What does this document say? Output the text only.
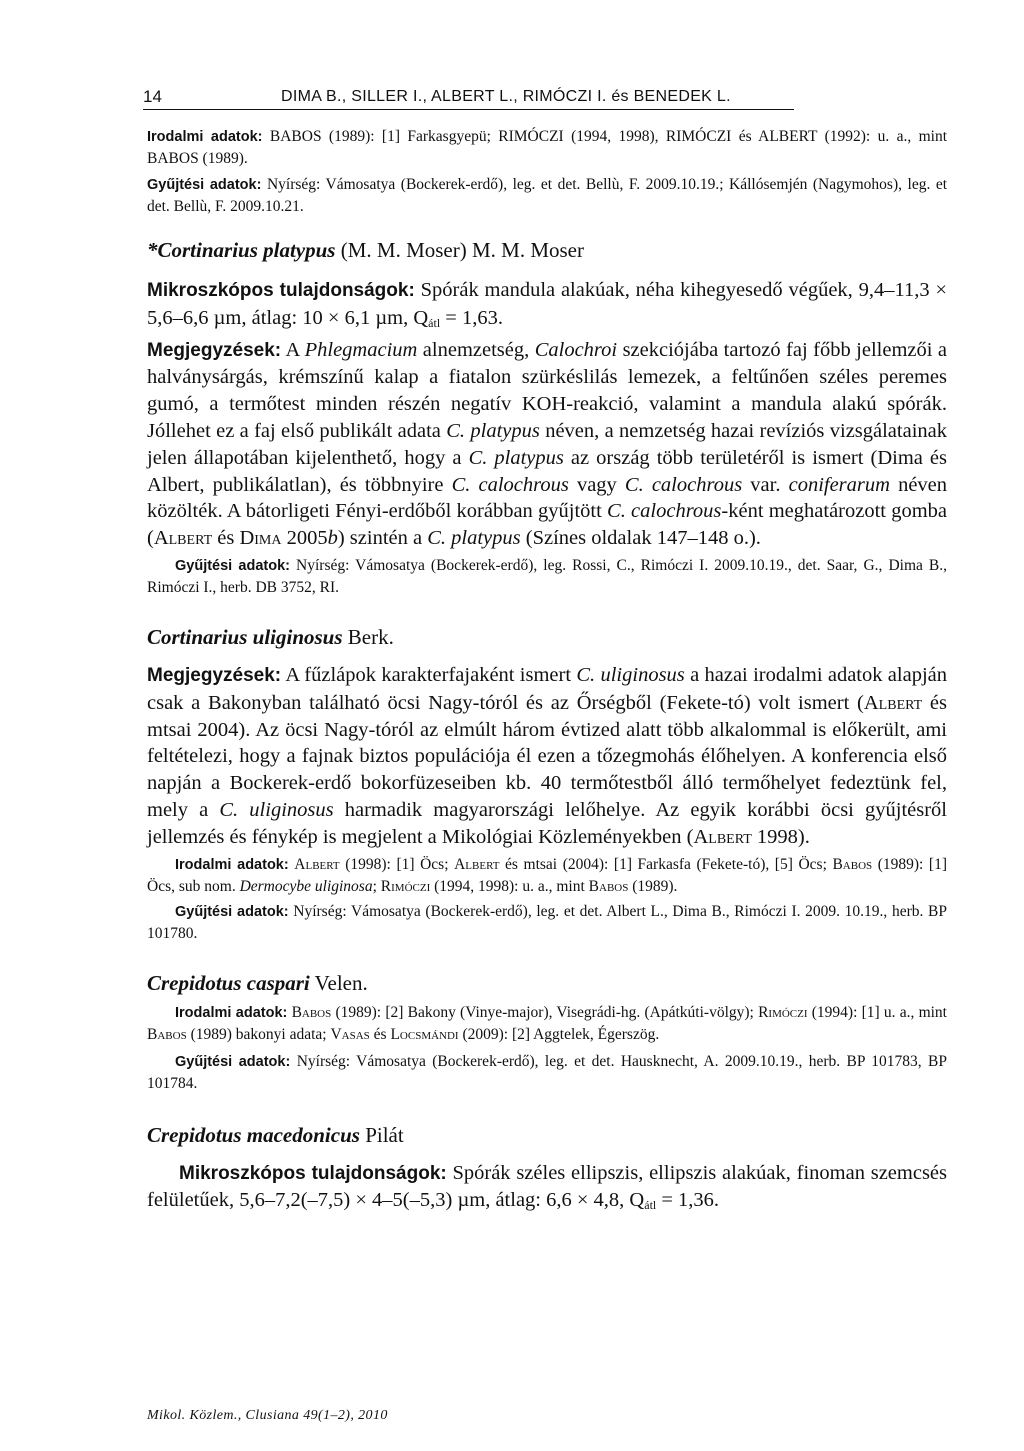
14	DIMA B., SILLER I., ALBERT L., RIMÓCZI I. és BENEDEK L.

Irodalmi adatok: BABOS (1989): [1] Farkasgyepü; RIMÓCZI (1994, 1998), RIMÓCZI és ALBERT (1992): u. a., mint BABOS (1989).

Gyűjtési adatok: Nyírség: Vámosatya (Bockerek-erdő), leg. et det. Bellù, F. 2009.10.19.; Kállósemjén (Nagymohos), leg. et det. Bellù, F. 2009.10.21.

*Cortinarius platypus (M. M. Moser) M. M. Moser

Mikroszkópos tulajdonságok: Spórák mandula alakúak, néha kihegyesedő végűek, 9,4–11,3 × 5,6–6,6 µm, átlag: 10 × 6,1 µm, $Q_{átl} = 1,63$.

Megjegyzések: A Phlegmacium alnemzetség, Calochroi szekciójába tartozó faj főbb jellemzői a halványsárgás, krémszínű kalap a fiatalon szürkéslilás lemezek, a feltűnően széles peremes gumó, a termőtest minden részén negatív KOH-reakció, valamint a mandula alakú spórák. Jóllehet ez a faj első publikált adata C. platypus néven, a nemzetség hazai revíziós vizsgálatainak jelen állapotában kijelenthető, hogy a C. platypus az ország több területéről is ismert (Dima és Albert, publikálatlan), és többnyire C. calochrous vagy C. calochrous var. coniferarum néven közölték. A bátorligeti Fényi-erdőből korábban gyűjtött C. calochrous-ként meghatározott gomba (Albert és Dima 2005b) szintén a C. platypus (Színes oldalak 147–148 o.).

Gyűjtési adatok: Nyírség: Vámosatya (Bockerek-erdő), leg. Rossi, C., Rimóczi I. 2009.10.19., det. Saar, G., Dima B., Rimóczi I., herb. DB 3752, RI.

Cortinarius uliginosus Berk.

Megjegyzések: A fűzlápok karakterfajaként ismert C. uliginosus a hazai irodalmi adatok alapján csak a Bakonyban található öcsi Nagy-tóról és az Őrségből (Fekete-tó) volt ismert (Albert és mtsai 2004). Az öcsi Nagy-tóról az elmúlt három évtized alatt több alkalommal is előkerült, ami feltételezi, hogy a fajnak biztos populációja él ezen a tőzegmohás élőhelyen. A konferencia első napján a Bockerek-erdő bokorfüzeseiben kb. 40 termőtestből álló termőhelyet fedeztünk fel, mely a C. uliginosus harmadik magyarországi lelőhelye. Az egyik korábbi öcsi gyűjtésről jellemzés és fénykép is megjelent a Mikológiai Közleményekben (Albert 1998).

Irodalmi adatok: Albert (1998): [1] Öcs; Albert és mtsai (2004): [1] Farkasfa (Fekete-tó), [5] Öcs; Babos (1989): [1] Öcs, sub nom. Dermocybe uliginosa; Rimóczi (1994, 1998): u. a., mint Babos (1989).

Gyűjtési adatok: Nyírség: Vámosatya (Bockerek-erdő), leg. et det. Albert L., Dima B., Rimóczi I. 2009. 10.19., herb. BP 101780.

Crepidotus caspari Velen.

Irodalmi adatok: Babos (1989): [2] Bakony (Vinye-major), Visegrádi-hg. (Apátkúti-völgy); Rimóczi (1994): [1] u. a., mint Babos (1989) bakonyi adata; Vasas és Locsmándi (2009): [2] Aggtelek, Égerszög.

Gyűjtési adatok: Nyírség: Vámosatya (Bockerek-erdő), leg. et det. Hausknecht, A. 2009.10.19., herb. BP 101783, BP 101784.

Crepidotus macedonicus Pilát

Mikroszkópos tulajdonságok: Spórák széles ellipszis, ellipszis alakúak, finoman szemcsés felületűek, 5,6–7,2(–7,5) × 4–5(–5,3) µm, átlag: 6,6 × 4,8, $Q_{átl} = 1,36$.

Mikol. Közlem., Clusiana 49(1–2), 2010
